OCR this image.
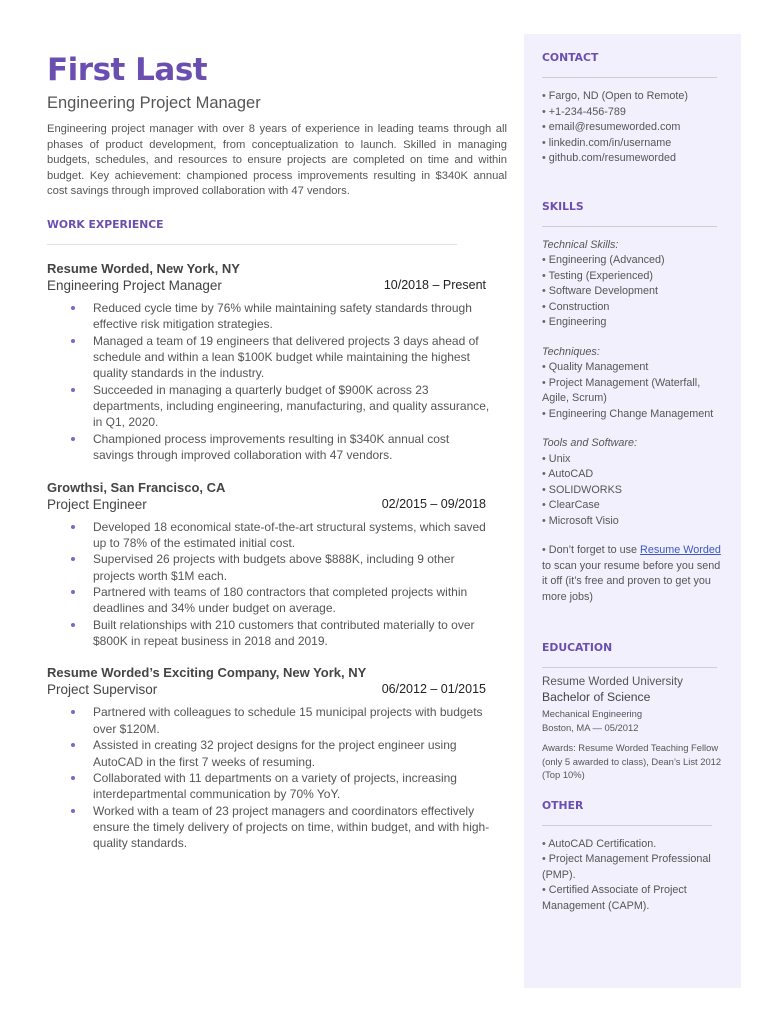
First Last
Engineering Project Manager
Engineering project manager with over 8 years of experience in leading teams through all phases of product development, from conceptualization to launch. Skilled in managing budgets, schedules, and resources to ensure projects are completed on time and within budget. Key achievement: championed process improvements resulting in $340K annual cost savings through improved collaboration with 47 vendors.
WORK EXPERIENCE
Resume Worded, New York, NY
Engineering Project Manager	10/2018 – Present
Reduced cycle time by 76% while maintaining safety standards through effective risk mitigation strategies.
Managed a team of 19 engineers that delivered projects 3 days ahead of schedule and within a lean $100K budget while maintaining the highest quality standards in the industry.
Succeeded in managing a quarterly budget of $900K across 23 departments, including engineering, manufacturing, and quality assurance, in Q1, 2020.
Championed process improvements resulting in $340K annual cost savings through improved collaboration with 47 vendors.
Growthsi, San Francisco, CA
Project Engineer	02/2015 – 09/2018
Developed 18 economical state-of-the-art structural systems, which saved up to 78% of the estimated initial cost.
Supervised 26 projects with budgets above $888K, including 9 other projects worth $1M each.
Partnered with teams of 180 contractors that completed projects within deadlines and 34% under budget on average.
Built relationships with 210 customers that contributed materially to over $800K in repeat business in 2018 and 2019.
Resume Worded’s Exciting Company, New York, NY
Project Supervisor	06/2012 – 01/2015
Partnered with colleagues to schedule 15 municipal projects with budgets over $120M.
Assisted in creating 32 project designs for the project engineer using AutoCAD in the first 7 weeks of resuming.
Collaborated with 11 departments on a variety of projects, increasing interdepartmental communication by 70% YoY.
Worked with a team of 23 project managers and coordinators effectively ensure the timely delivery of projects on time, within budget, and with high-quality standards.
CONTACT
• Fargo, ND (Open to Remote)
• +1-234-456-789
• email@resumeworded.com
• linkedin.com/in/username
• github.com/resumeworded
SKILLS
Technical Skills:
• Engineering (Advanced)
• Testing (Experienced)
• Software Development
• Construction
• Engineering
Techniques:
• Quality Management
• Project Management (Waterfall, Agile, Scrum)
• Engineering Change Management
Tools and Software:
• Unix
• AutoCAD
• SOLIDWORKS
• ClearCase
• Microsoft Visio
• Don’t forget to use Resume Worded to scan your resume before you send it off (it’s free and proven to get you more jobs)
EDUCATION
Resume Worded University
Bachelor of Science
Mechanical Engineering
Boston, MA — 05/2012
Awards: Resume Worded Teaching Fellow (only 5 awarded to class), Dean’s List 2012 (Top 10%)
OTHER
• AutoCAD Certification.
• Project Management Professional (PMP).
• Certified Associate of Project Management (CAPM).
